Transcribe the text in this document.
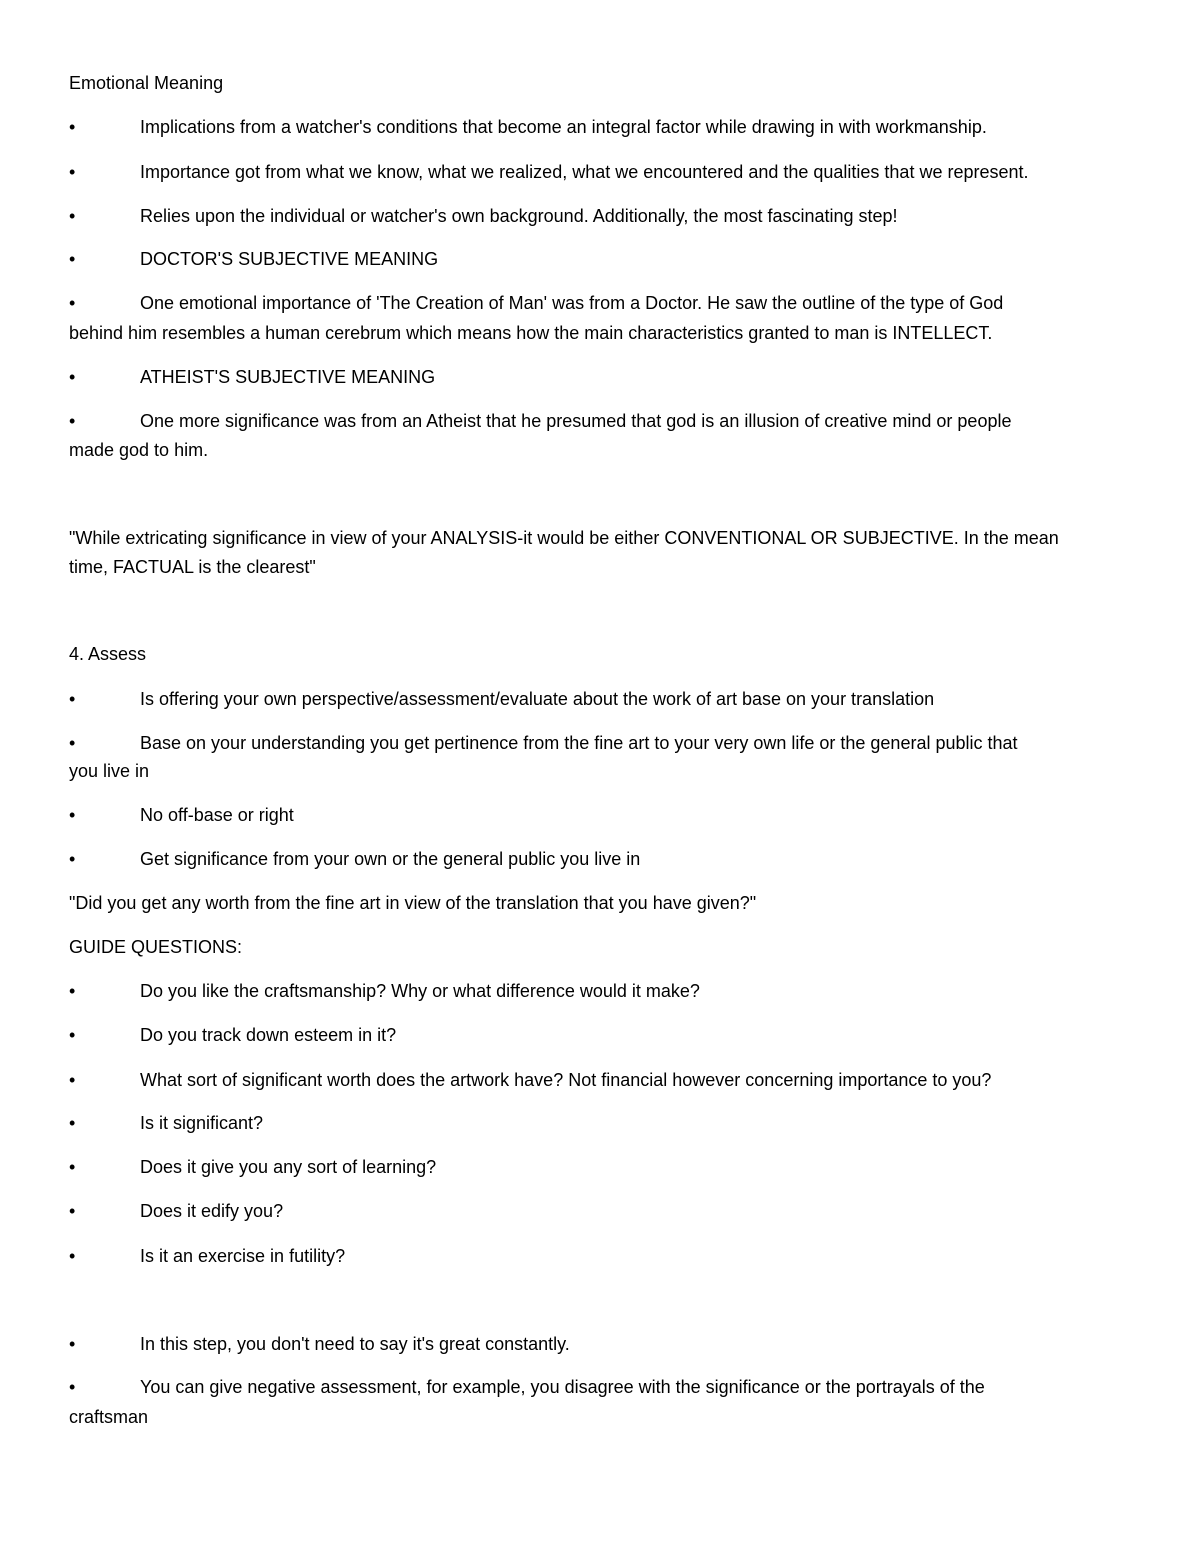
Emotional Meaning
•	Implications from a watcher's conditions that become an integral factor while drawing in with workmanship.
•	Importance got from what we know, what we realized, what we encountered and the qualities that we represent.
•	Relies upon the individual or watcher's own background. Additionally, the most fascinating step!
•	DOCTOR'S SUBJECTIVE MEANING
•	One emotional importance of 'The Creation of Man' was from a Doctor. He saw the outline of the type of God
behind him resembles a human cerebrum which means how the main characteristics granted to man is INTELLECT.
•	ATHEIST'S SUBJECTIVE MEANING
•	One more significance was from an Atheist that he presumed that god is an illusion of creative mind or people
made god to him.
"While extricating significance in view of your ANALYSIS-it would be either CONVENTIONAL OR SUBJECTIVE. In the mean
time, FACTUAL is the clearest"
4. Assess
•	Is offering your own perspective/assessment/evaluate about the work of art base on your translation
•	Base on your understanding you get pertinence from the fine art to your very own life or the general public that
you live in
•	No off-base or right
•	Get significance from your own or the general public you live in
"Did you get any worth from the fine art in view of the translation that you have given?"
GUIDE QUESTIONS:
•	Do you like the craftsmanship? Why or what difference would it make?
•	Do you track down esteem in it?
•	What sort of significant worth does the artwork have? Not financial however concerning importance to you?
•	Is it significant?
•	Does it give you any sort of learning?
•	Does it edify you?
•	Is it an exercise in futility?
•	In this step, you don't need to say it's great constantly.
•	You can give negative assessment, for example, you disagree with the significance or the portrayals of the
craftsman
